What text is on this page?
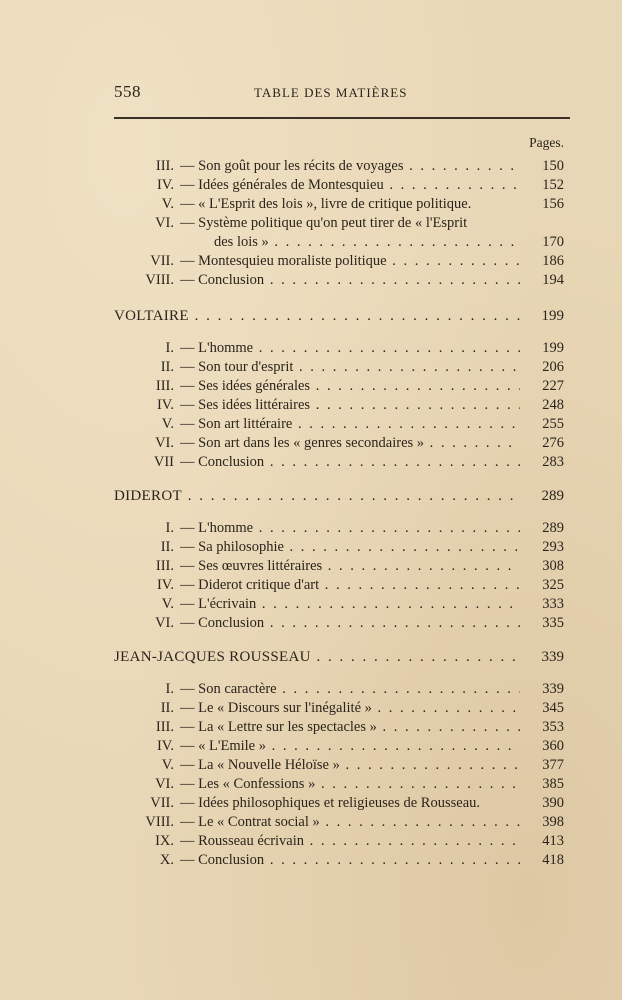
558	TABLE DES MATIÈRES
Pages.
III. — Son goût pour les récits de voyages . . .	150
IV. — Idées générales de Montesquieu . . .	152
V. — « L'Esprit des lois », livre de critique politique.	156
VI. — Système politique qu'on peut tirer de « l'Esprit
des lois » . . .	170
VII. — Montesquieu moraliste politique . . .	186
VIII. — Conclusion . . .	194
VOLTAIRE . . .	199
I. — L'homme . . .	199
II. — Son tour d'esprit . . .	206
III. — Ses idées générales . . .	227
IV. — Ses idées littéraires . . .	248
V. — Son art littéraire . . .	255
VI. — Son art dans les « genres secondaires » . . .	276
VII — Conclusion . . .	283
DIDEROT . . .	289
I. — L'homme . . .	289
II. — Sa philosophie . . .	293
III. — Ses œuvres littéraires . . .	308
IV. — Diderot critique d'art . . .	325
V. — L'écrivain . . .	333
VI. — Conclusion . . .	335
JEAN-JACQUES ROUSSEAU . . .	339
I. — Son caractère . . .	339
II. — Le « Discours sur l'inégalité » . . .	345
III. — La « Lettre sur les spectacles » . . .	353
IV. — « L'Emile » . . .	360
V. — La « Nouvelle Héloïse » . . .	377
VI. — Les « Confessions » . . .	385
VII. — Idées philosophiques et religieuses de Rousseau.	390
VIII. — Le « Contrat social » . . .	398
IX. — Rousseau écrivain . . .	413
X. — Conclusion . . .	418
